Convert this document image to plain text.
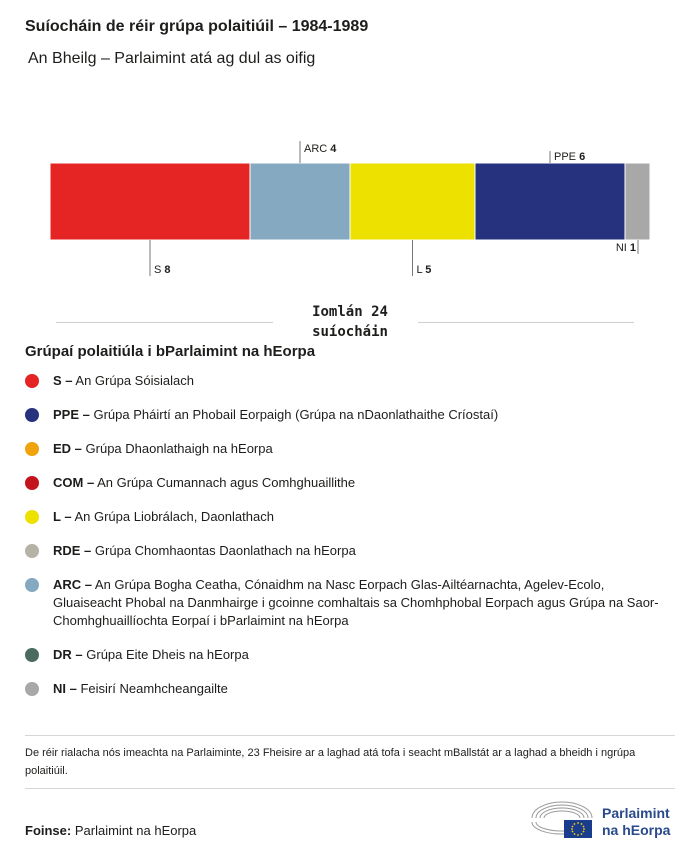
Suíocháin de réir grúpa polaitiúil – 1984-1989
An Bheilg – Parlaimint atá ag dul as oifig
S 8
ARC 4
L 5
PPE 6
NI 1
Iomlán 24 suíocháin
Grúpaí polaitiúla i bParlaimint na hEorpa
S – An Grúpa Sóisialach
PPE – Grúpa Pháirtí an Phobail Eorpaigh (Grúpa na nDaonlathaithe Críostaí)
ED – Grúpa Dhaonlathaigh na hEorpa
COM – An Grúpa Cumannach agus Comhghuaillithe
L – An Grúpa Liobrálach, Daonlathach
RDE – Grúpa Chomhaontas Daonlathach na hEorpa
ARC – An Grúpa Bogha Ceatha, Cónaidhm na Nasc Eorpach Glas-Ailtéarnachta, Agelev-Ecolo, Gluaiseacht Phobal na Danmhairge i gcoinne comhaltais sa Chomhphobal Eorpach agus Grúpa na Saor-Chomhghuaillíochta Eorpaí i bParlaimint na hEorpa
DR – Grúpa Eite Dheis na hEorpa
NI – Feisirí Neamhcheangailte
De réir rialacha nós imeachta na Parlaiminte, 23 Fheisire ar a laghad atá tofa i seacht mBallstát ar a laghad a bheidh i ngrúpa polaitiúil.
Foinse: Parlaimint na hEorpa
Parlaimint
na hEorpa
